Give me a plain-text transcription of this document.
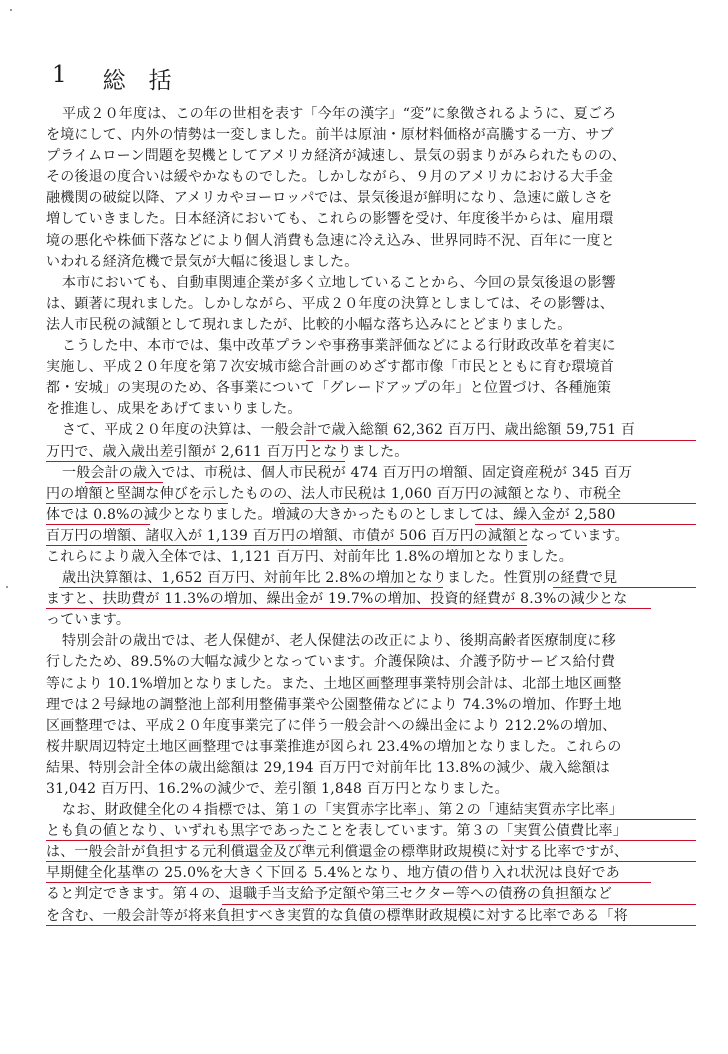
1 総　括
平成２０年度は、この年の世相を表す「今年の漢字」“変”に象徴されるように、夏ごろ
を境にして、内外の情勢は一変しました。前半は原油・原材料価格が高騰する一方、サブ
プライムローン問題を契機としてアメリカ経済が減速し、景気の弱まりがみられたものの、
その後退の度合いは緩やかなものでした。しかしながら、９月のアメリカにおける大手金
融機関の破綻以降、アメリカやヨーロッパでは、景気後退が鮮明になり、急速に厳しさを
増していきました。日本経済においても、これらの影響を受け、年度後半からは、雇用環
境の悪化や株価下落などにより個人消費も急速に冷え込み、世界同時不況、百年に一度と
いわれる経済危機で景気が大幅に後退しました。
本市においても、自動車関連企業が多く立地していることから、今回の景気後退の影響
は、顕著に現れました。しかしながら、平成２０年度の決算としましては、その影響は、
法人市民税の減額として現れましたが、比較的小幅な落ち込みにとどまりました。
こうした中、本市では、集中改革プランや事務事業評価などによる行財政改革を着実に
実施し、平成２０年度を第７次安城市総合計画のめざす都市像「市民とともに育む環境首
都・安城」の実現のため、各事業について「グレードアップの年」と位置づけ、各種施策
を推進し、成果をあげてまいりました。
さて、平成２０年度の決算は、一般会計で歳入総額 62,362 百万円、歳出総額 59,751 百
万円で、歳入歳出差引額が 2,611 百万円となりました。
一般会計の歳入では、市税は、個人市民税が 474 百万円の増額、固定資産税が 345 百万
円の増額と堅調な伸びを示したものの、法人市民税は 1,060 百万円の減額となり、市税全
体では 0.8%の減少となりました。増減の大きかったものとしましては、繰入金が 2,580
百万円の増額、諸収入が 1,139 百万円の増額、市債が 506 百万円の減額となっています。
これらにより歳入全体では、1,121 百万円、対前年比 1.8%の増加となりました。
歳出決算額は、1,652 百万円、対前年比 2.8%の増加となりました。性質別の経費で見
ますと、扶助費が 11.3%の増加、繰出金が 19.7%の増加、投資的経費が 8.3%の減少とな
っています。
特別会計の歳出では、老人保健が、老人保健法の改正により、後期高齢者医療制度に移
行したため、89.5%の大幅な減少となっています。介護保険は、介護予防サービス給付費
等により 10.1%増加となりました。また、土地区画整理事業特別会計は、北部土地区画整
理では２号緑地の調整池上部利用整備事業や公園整備などにより 74.3%の増加、作野土地
区画整理では、平成２０年度事業完了に伴う一般会計への繰出金により 212.2%の増加、
桜井駅周辺特定土地区画整理では事業推進が図られ 23.4%の増加となりました。これらの
結果、特別会計全体の歳出総額は 29,194 百万円で対前年比 13.8%の減少、歳入総額は
31,042 百万円、16.2%の減少で、差引額 1,848 百万円となりました。
なお、財政健全化の４指標では、第１の「実質赤字比率」、第２の「連結実質赤字比率」
とも負の値となり、いずれも黒字であったことを表しています。第３の「実質公債費比率」
は、一般会計が負担する元利償還金及び準元利償還金の標準財政規模に対する比率ですが、
早期健全化基準の 25.0%を大きく下回る 5.4%となり、地方債の借り入れ状況は良好であ
ると判定できます。第４の、退職手当支給予定額や第三セクター等への債務の負担額など
を含む、一般会計等が将来負担すべき実質的な負債の標準財政規模に対する比率である「将
